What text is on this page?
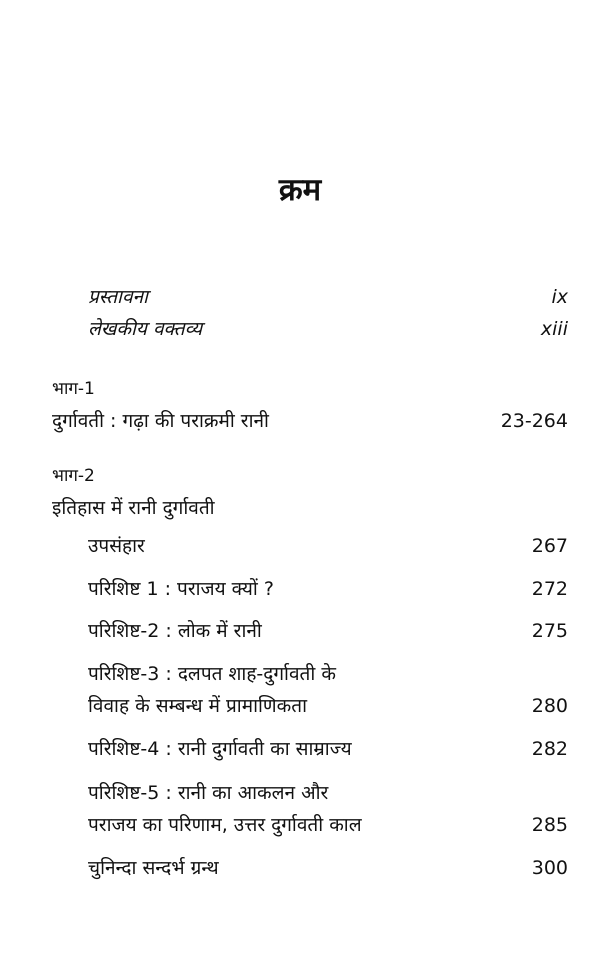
क्रम
प्रस्तावना	ix
लेखकीय वक्तव्य	xiii
भाग-1
दुर्गावती : गढ़ा की पराक्रमी रानी	23-264
भाग-2
इतिहास में रानी दुर्गावती
उपसंहार	267
परिशिष्ट 1 : पराजय क्यों ?	272
परिशिष्ट-2 : लोक में रानी	275
परिशिष्ट-3 : दलपत शाह-दुर्गावती के
विवाह के सम्बन्ध में प्रामाणिकता	280
परिशिष्ट-4 : रानी दुर्गावती का साम्राज्य	282
परिशिष्ट-5 : रानी का आकलन और
पराजय का परिणाम, उत्तर दुर्गावती काल	285
चुनिन्दा सन्दर्भ ग्रन्थ	300
